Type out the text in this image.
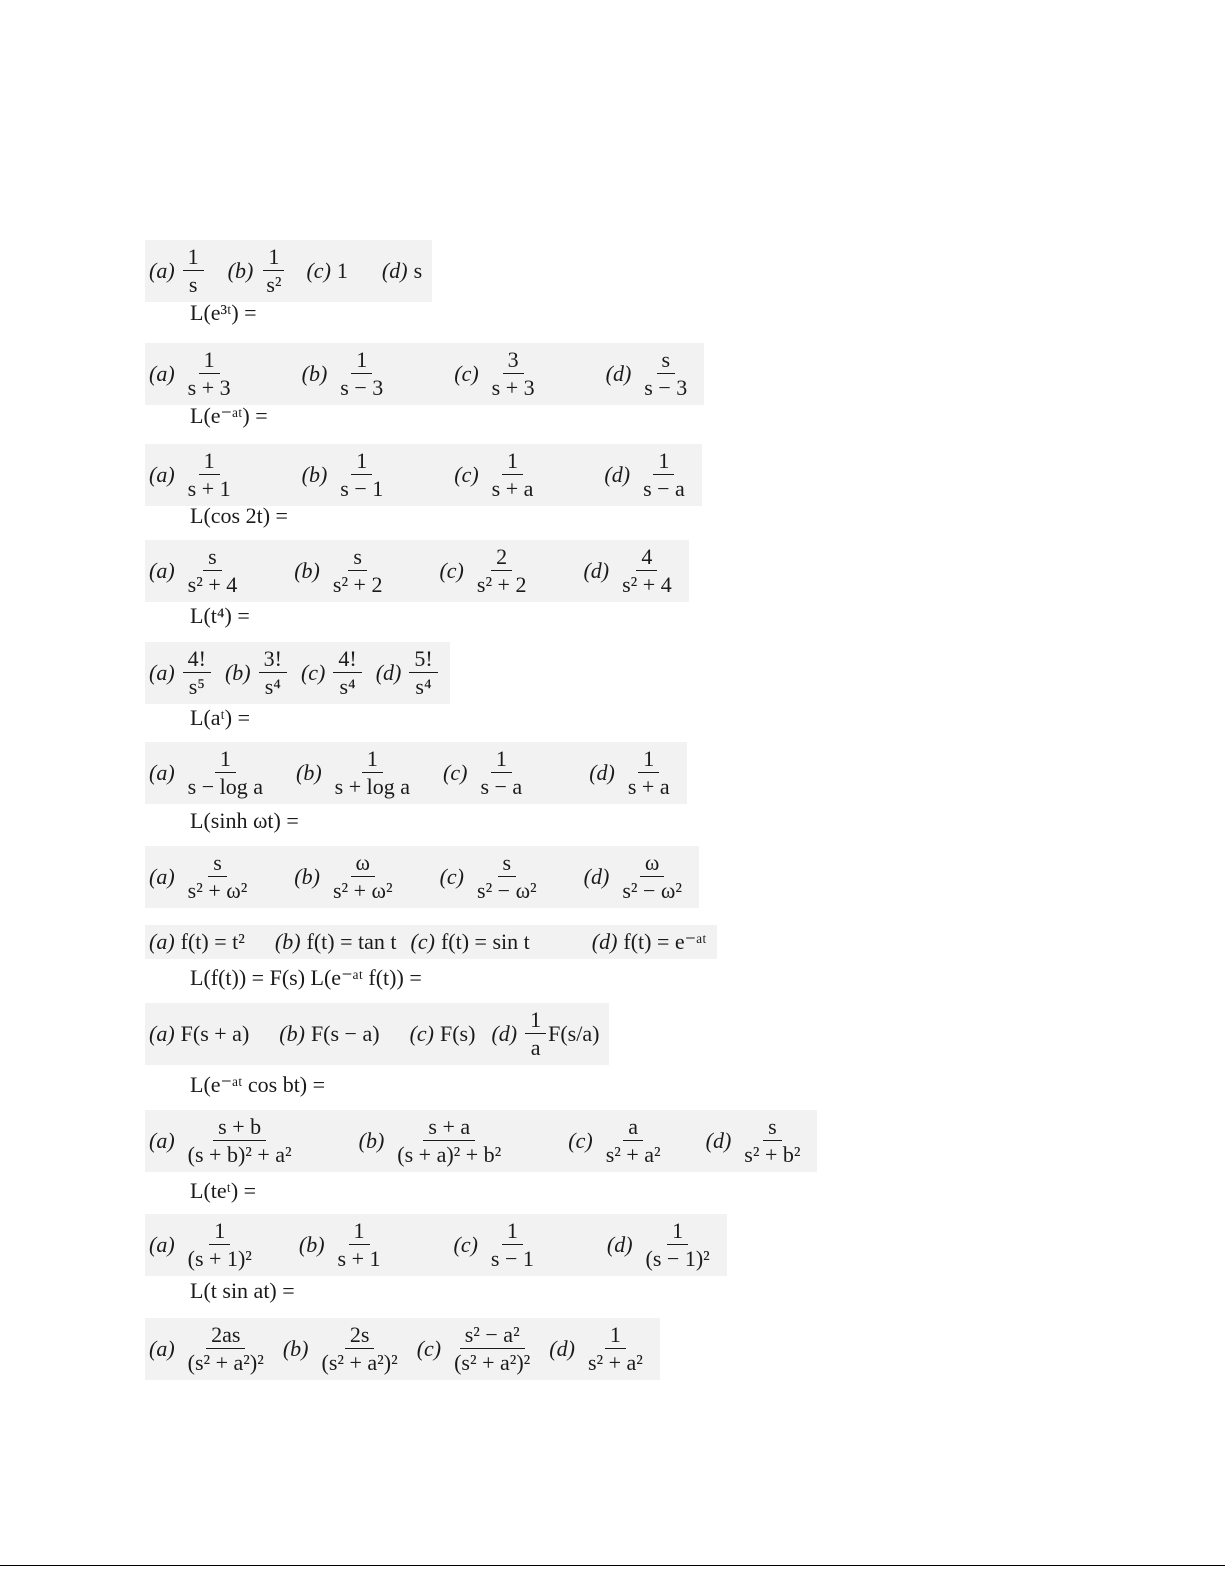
$(a) \frac{1}{s} (b) \frac{1}{\text{s²}} (c)$ 1 (d) s
L(e³ᵗ) =
$(a) \frac{1}{s + 3}$	$(b) \frac{1}{s - 3}$	$(c) \frac{3}{s + 3}$	$(d) \frac{s}{s - 3}$
L(e⁻ᵃᵗ) =
$(a) \frac{1}{s + 1}$	$(b) \frac{1}{s - 1}$	$(c) \frac{1}{s + a}$	$(d) \frac{1}{s - a}$
L(cos 2t) =
$(a) \frac{s}{\text{s² + 4}} (b) \frac{s}{\text{s² + 2}} (c) \frac{2}{\text{s² + 2}} (d) \frac{4}{\text{s² + 4}}$
L(t⁴) =
$(a) \frac{4!}{\text{s⁵}} (b) \frac{3!}{\text{s⁴}} (c) \frac{4!}{\text{s⁴}} (d) \frac{5!}{\text{s⁴}}$
L(aᵗ) =
$(a) \frac{1}{\text{s − log a}} (b) \frac{1}{\text{s + log a}} (c) \frac{1}{s - a}$	$(d) \frac{1}{s + a}$
L(sinh ωt) =
$(a) \frac{s}{\text{s² + ω²}} (b) \frac{\omega}{\text{s² + ω²}} (c) \frac{s}{\text{s² − ω²}} (d) \frac{\omega}{\text{s² − ω²}}$
(a) f(t) = t² (b) f(t) = tan t (c) f(t) = sin t	(d) f(t) = e⁻ᵃᵗ
L(f(t)) = F(s) L(e⁻ᵃᵗ f(t)) =
(a) F(s + a) (b) F(s − a) (c) F(s) $(d) \frac{1}{a} F(s/a)$
L(e⁻ᵃᵗ cos bt) =
$(a) \frac{s + b}{\text{(s + b)² + a²}}$	$(b) \frac{s + a}{\text{(s + a)² + b²}}$	$(c) \frac{a}{\text{s² + a²}} (d) \frac{s}{\text{s² + b²}}$
L(teᵗ) =
$(a) \frac{1}{\text{(s + 1)²}} (b) \frac{1}{s + 1}$	$(c) \frac{1}{s - 1}$	$(d) \frac{1}{\text{(s − 1)²}}$
L(t sin at) =
$(a) \frac{2as}{\text{(s² + a²)²}} (b) \frac{2s}{\text{(s² + a²)²}} (c) \frac{\text{s² − a²}}{\text{(s² + a²)²}} (d) \frac{1}{\text{s² + a²}}$
